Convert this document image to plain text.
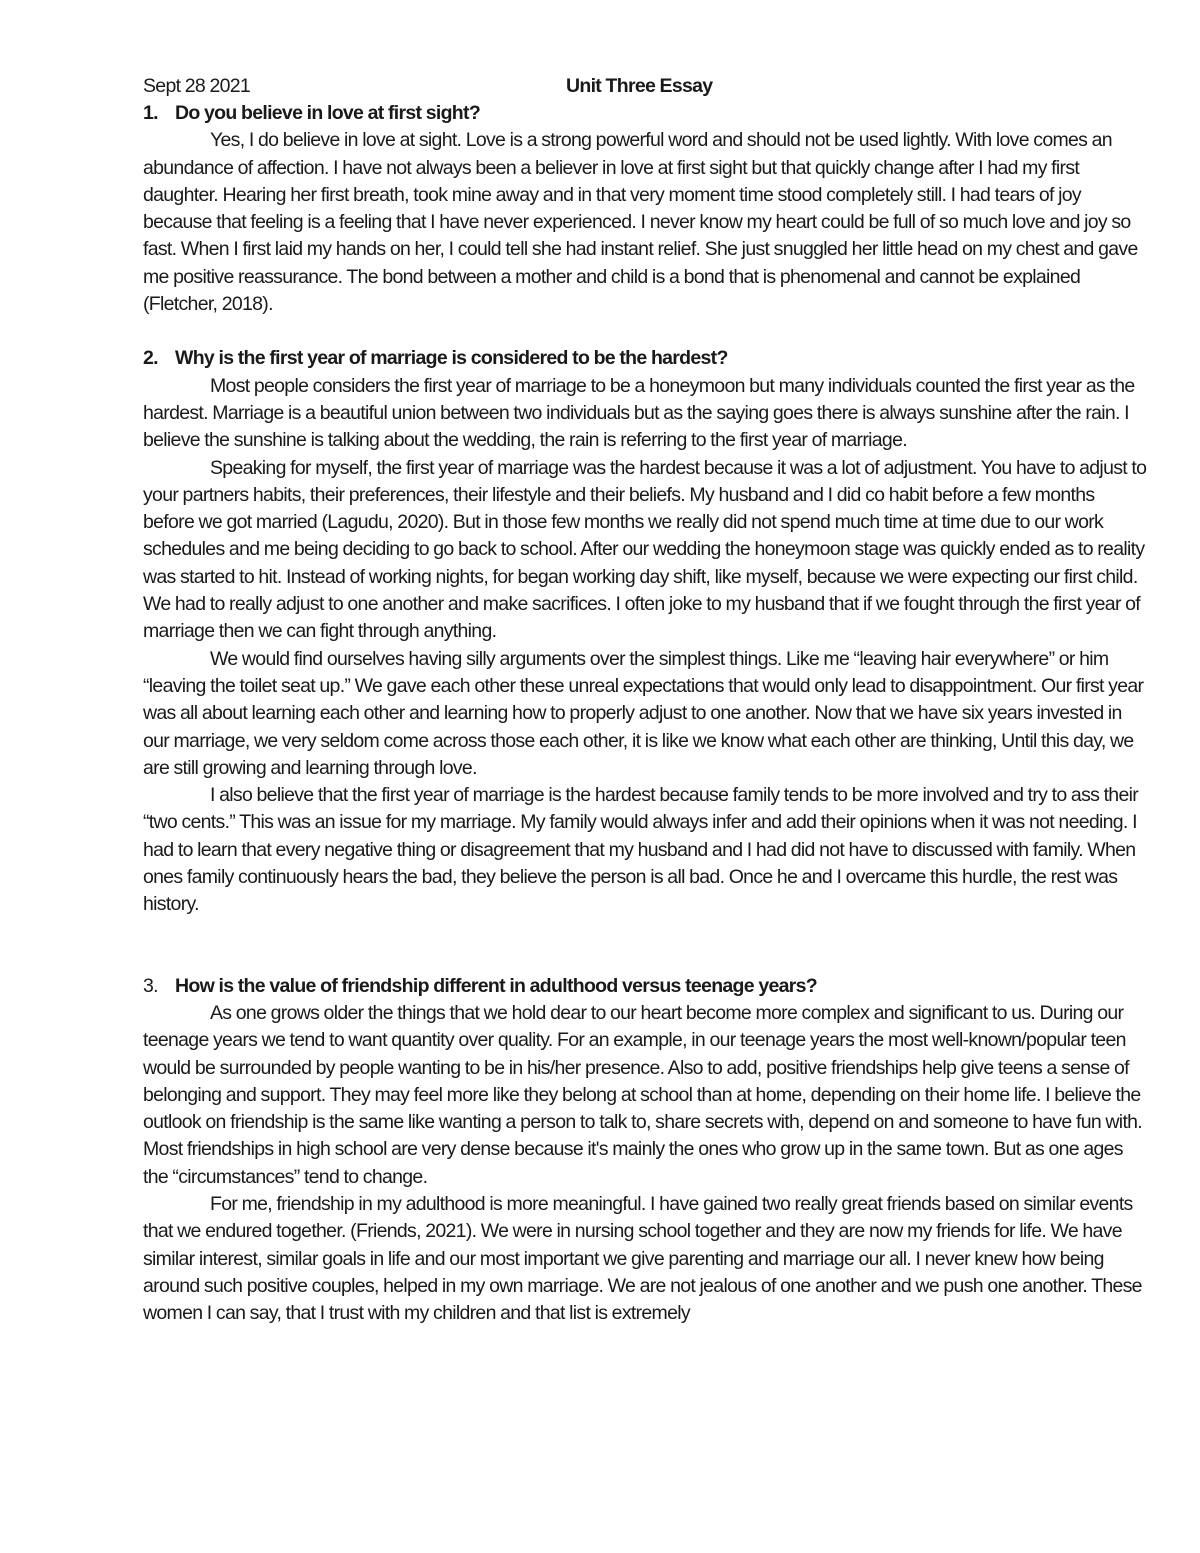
Sept 28 2021	Unit Three Essay

1. Do you believe in love at first sight?

Yes, I do believe in love at sight. Love is a strong powerful word and should not be used lightly. With love comes an abundance of affection. I have not always been a believer in love at first sight but that quickly change after I had my first daughter. Hearing her first breath, took mine away and in that very moment time stood completely still. I had tears of joy because that feeling is a feeling that I have never experienced. I never know my heart could be full of so much love and joy so fast. When I first laid my hands on her, I could tell she had instant relief. She just snuggled her little head on my chest and gave me positive reassurance. The bond between a mother and child is a bond that is phenomenal and cannot be explained (Fletcher, 2018).

2. Why is the first year of marriage is considered to be the hardest?

Most people considers the first year of marriage to be a honeymoon but many individuals counted the first year as the hardest. Marriage is a beautiful union between two individuals but as the saying goes there is always sunshine after the rain. I believe the sunshine is talking about the wedding, the rain is referring to the first year of marriage.

Speaking for myself, the first year of marriage was the hardest because it was a lot of adjustment. You have to adjust to your partners habits, their preferences, their lifestyle and their beliefs. My husband and I did co habit before a few months before we got married (Lagudu, 2020). But in those few months we really did not spend much time at time due to our work schedules and me being deciding to go back to school. After our wedding the honeymoon stage was quickly ended as to reality was started to hit. Instead of working nights, for began working day shift, like myself, because we were expecting our first child. We had to really adjust to one another and make sacrifices. I often joke to my husband that if we fought through the first year of marriage then we can fight through anything.

We would find ourselves having silly arguments over the simplest things. Like me “leaving hair everywhere” or him “leaving the toilet seat up.” We gave each other these unreal expectations that would only lead to disappointment. Our first year was all about learning each other and learning how to properly adjust to one another. Now that we have six years invested in our marriage, we very seldom come across those each other, it is like we know what each other are thinking, Until this day, we are still growing and learning through love.

I also believe that the first year of marriage is the hardest because family tends to be more involved and try to ass their “two cents.” This was an issue for my marriage. My family would always infer and add their opinions when it was not needing. I had to learn that every negative thing or disagreement that my husband and I had did not have to discussed with family. When ones family continuously hears the bad, they believe the person is all bad. Once he and I overcame this hurdle, the rest was history.

3. How is the value of friendship different in adulthood versus teenage years?

As one grows older the things that we hold dear to our heart become more complex and significant to us. During our teenage years we tend to want quantity over quality. For an example, in our teenage years the most well-known/popular teen would be surrounded by people wanting to be in his/her presence. Also to add, positive friendships help give teens a sense of belonging and support. They may feel more like they belong at school than at home, depending on their home life. I believe the outlook on friendship is the same like wanting a person to talk to, share secrets with, depend on and someone to have fun with. Most friendships in high school are very dense because it's mainly the ones who grow up in the same town. But as one ages the “circumstances” tend to change.

For me, friendship in my adulthood is more meaningful. I have gained two really great friends based on similar events that we endured together. (Friends, 2021). We were in nursing school together and they are now my friends for life. We have similar interest, similar goals in life and our most important we give parenting and marriage our all. I never knew how being around such positive couples, helped in my own marriage. We are not jealous of one another and we push one another. These women I can say, that I trust with my children and that list is extremely
